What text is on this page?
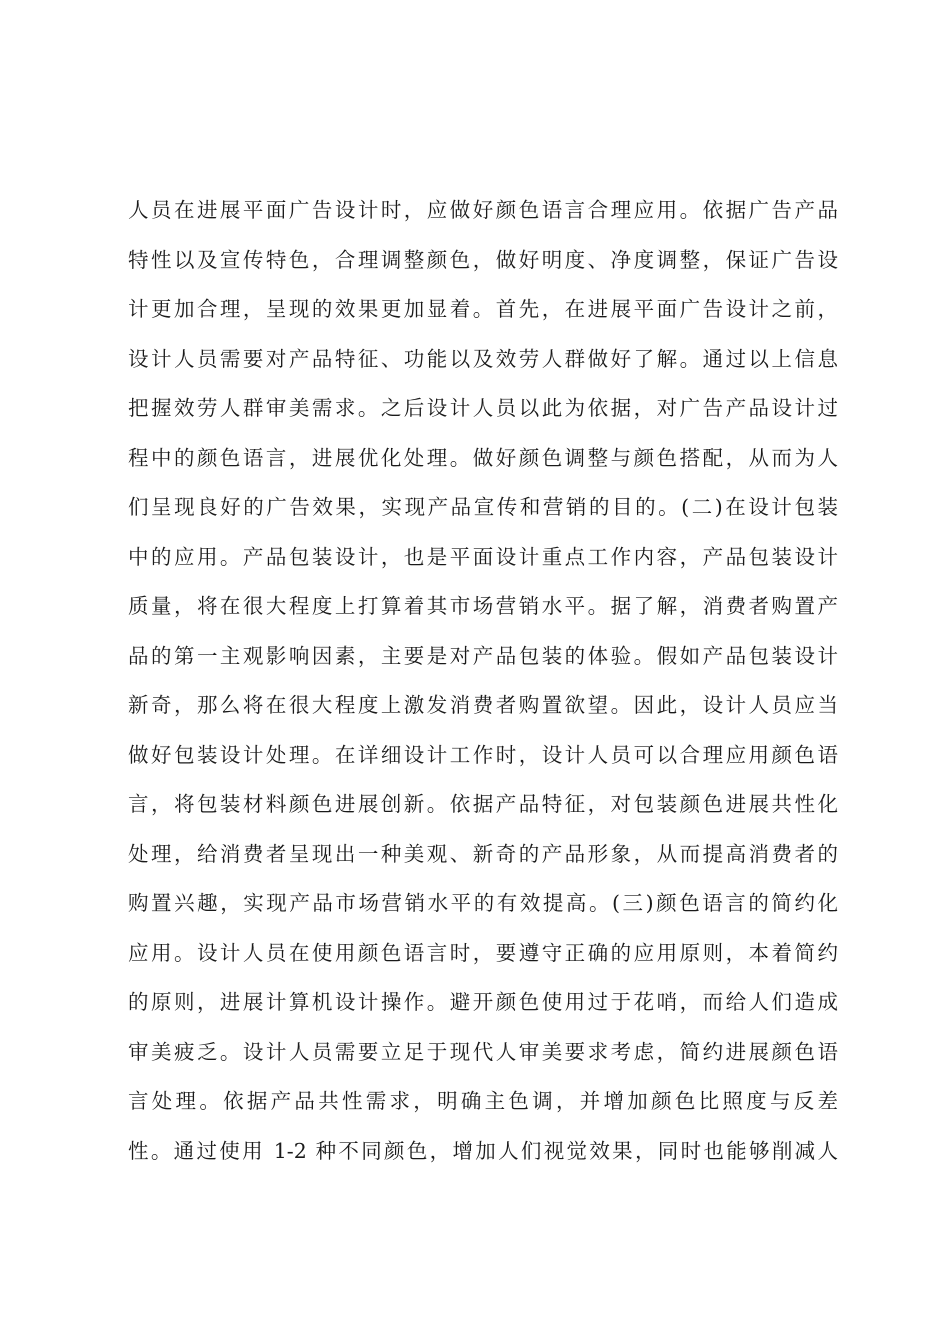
人员在进展平面广告设计时，应做好颜色语言合理应用。依据广告产品
特性以及宣传特色，合理调整颜色，做好明度、净度调整，保证广告设
计更加合理，呈现的效果更加显着。首先，在进展平面广告设计之前，
设计人员需要对产品特征、功能以及效劳人群做好了解。通过以上信息
把握效劳人群审美需求。之后设计人员以此为依据，对广告产品设计过
程中的颜色语言，进展优化处理。做好颜色调整与颜色搭配，从而为人
们呈现良好的广告效果，实现产品宣传和营销的目的。(二)在设计包装
中的应用。产品包装设计，也是平面设计重点工作内容，产品包装设计
质量，将在很大程度上打算着其市场营销水平。据了解，消费者购置产
品的第一主观影响因素，主要是对产品包装的体验。假如产品包装设计
新奇，那么将在很大程度上激发消费者购置欲望。因此，设计人员应当
做好包装设计处理。在详细设计工作时，设计人员可以合理应用颜色语
言，将包装材料颜色进展创新。依据产品特征，对包装颜色进展共性化
处理，给消费者呈现出一种美观、新奇的产品形象，从而提高消费者的
购置兴趣，实现产品市场营销水平的有效提高。(三)颜色语言的简约化
应用。设计人员在使用颜色语言时，要遵守正确的应用原则，本着简约
的原则，进展计算机设计操作。避开颜色使用过于花哨，而给人们造成
审美疲乏。设计人员需要立足于现代人审美要求考虑，简约进展颜色语
言处理。依据产品共性需求，明确主色调，并增加颜色比照度与反差
性。通过使用 1-2 种不同颜色，增加人们视觉效果，同时也能够削减人
